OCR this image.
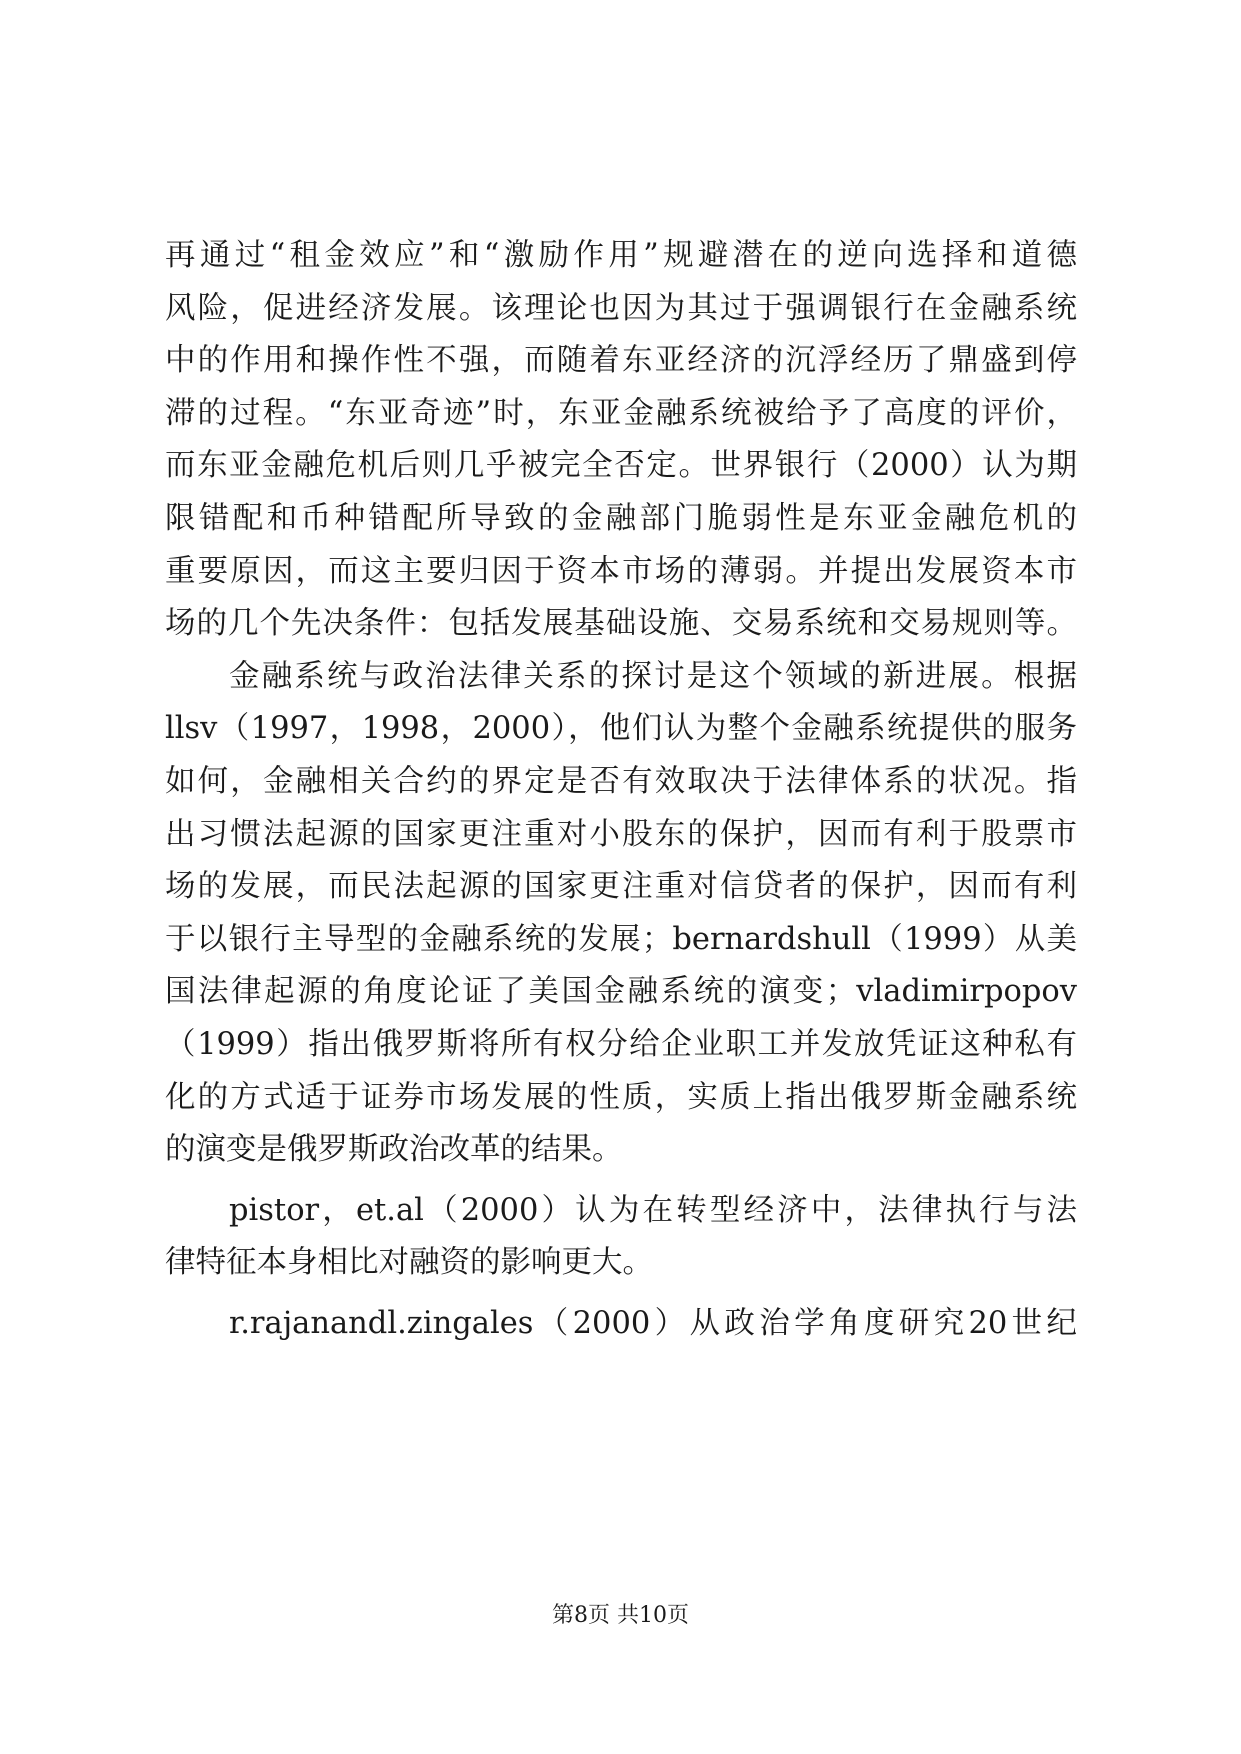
再通过“租金效应”和“激励作用”规避潜在的逆向选择和道德
风险，促进经济发展。该理论也因为其过于强调银行在金融系统
中的作用和操作性不强，而随着东亚经济的沉浮经历了鼎盛到停
滞的过程。“东亚奇迹”时，东亚金融系统被给予了高度的评价，
而东亚金融危机后则几乎被完全否定。世界银行（2000）认为期
限错配和币种错配所导致的金融部门脆弱性是东亚金融危机的
重要原因，而这主要归因于资本市场的薄弱。并提出发展资本市
场的几个先决条件：包括发展基础设施、交易系统和交易规则等。
金融系统与政治法律关系的探讨是这个领域的新进展。根据
llsv（1997，1998，2000），他们认为整个金融系统提供的服务
如何，金融相关合约的界定是否有效取决于法律体系的状况。指
出习惯法起源的国家更注重对小股东的保护，因而有利于股票市
场的发展，而民法起源的国家更注重对信贷者的保护，因而有利
于以银行主导型的金融系统的发展；bernardshull（1999）从美
国法律起源的角度论证了美国金融系统的演变；vladimirpopov
（1999）指出俄罗斯将所有权分给企业职工并发放凭证这种私有
化的方式适于证券市场发展的性质，实质上指出俄罗斯金融系统
的演变是俄罗斯政治改革的结果。
pistor，et.al（2000）认为在转型经济中，法律执行与法
律特征本身相比对融资的影响更大。
r.rajanandl.zingales（2000）从政治学角度研究20世纪
第8页 共10页
